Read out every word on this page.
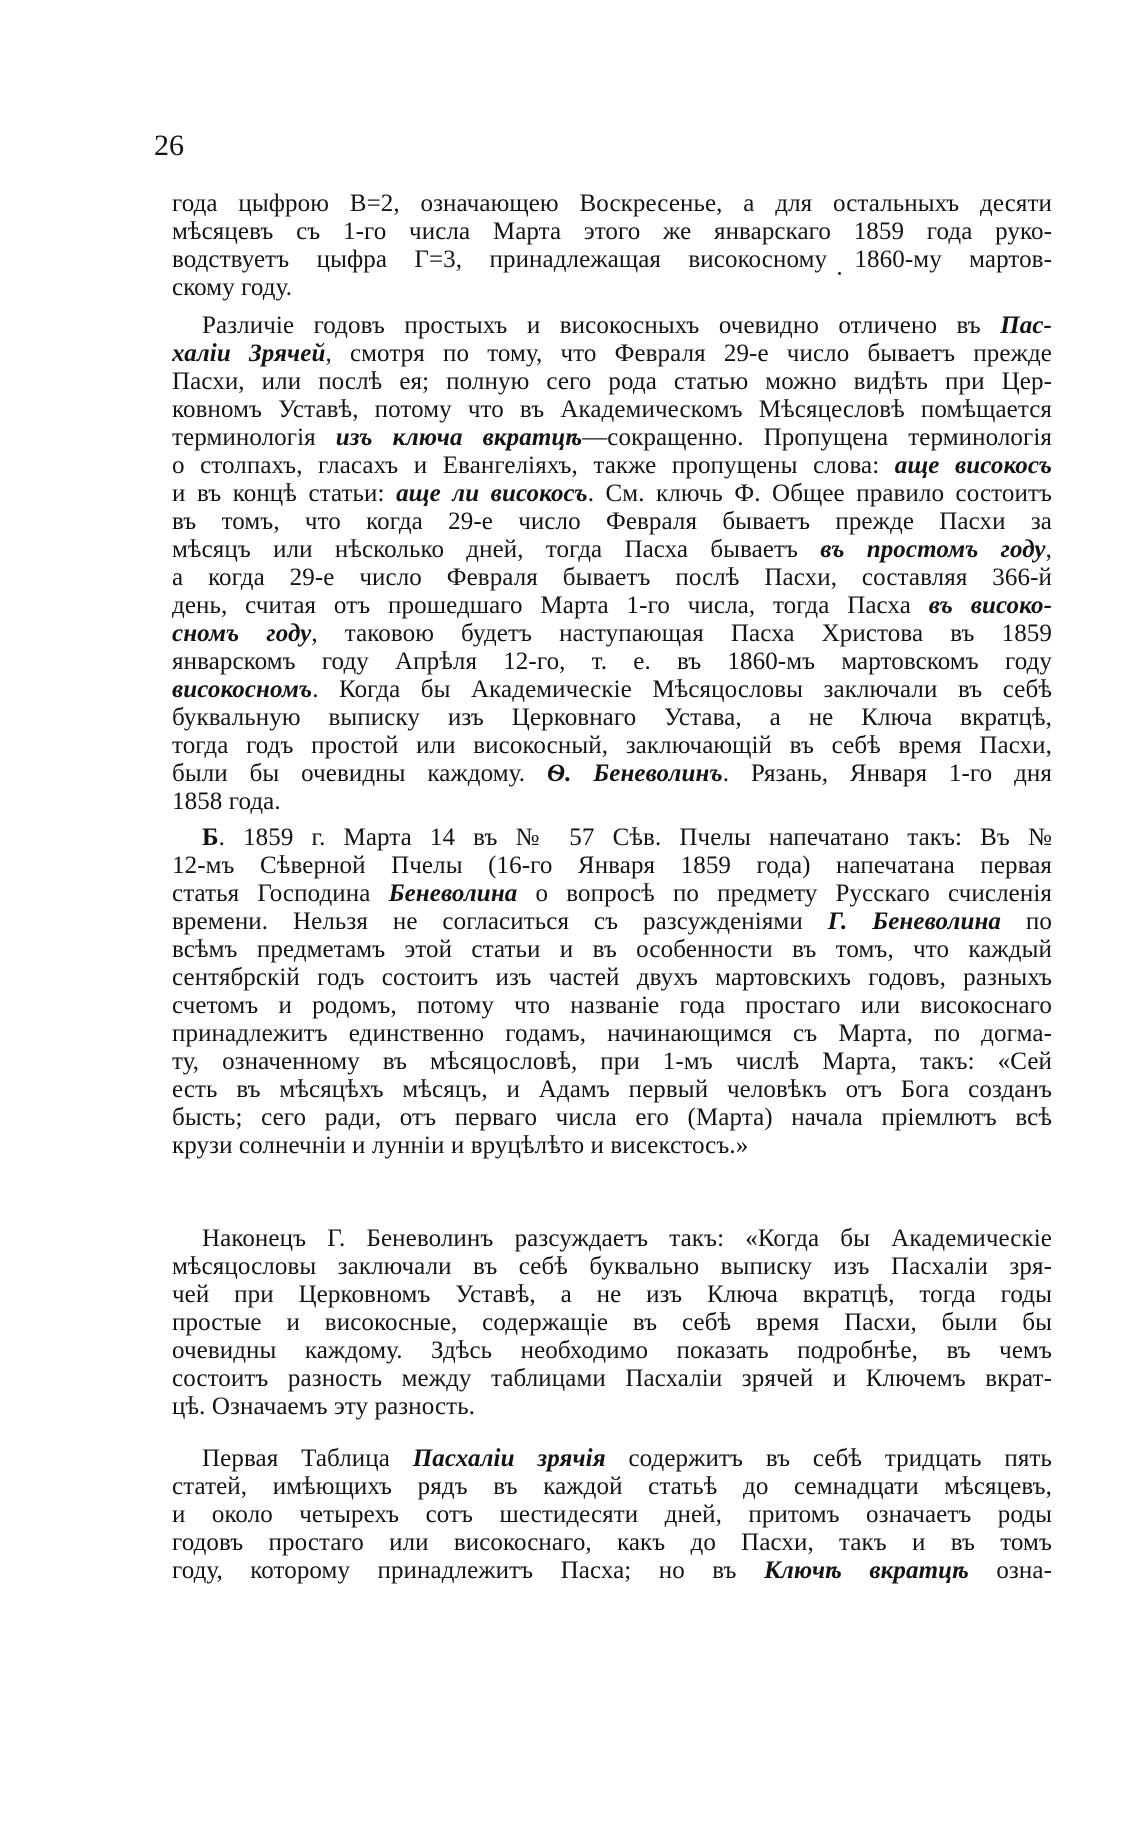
26
года цыфрою В=2, означающею Воскресенье, а для остальныхъ десяти
мѣсяцевъ съ 1-го числа Марта этого же январскаго 1859 года руко-
водствуетъ цыфра Г=3, принадлежащая високосному 1860-му мартов-
скому году.
Различіе годовъ простыхъ и високосныхъ очевидно отличено въ Пас-
халіи Зрячей, смотря по тому, что Февраля 29-е число бываетъ прежде
Пасхи, или послѣ ея; полную сего рода статью можно видѣть при Цер-
ковномъ Уставѣ, потому что въ Академическомъ Мѣсяцесловѣ помѣщается
терминологія изъ ключа вкратцѣ—сокращенно. Пропущена терминологія
о столпахъ, гласахъ и Евангеліяхъ, также пропущены слова: аще високосъ
и въ концѣ статьи: аще ли високосъ. См. ключь Ф. Общее правило состоитъ
въ томъ, что когда 29-е число Февраля бываетъ прежде Пасхи за
мѣсяцъ или нѣсколько дней, тогда Пасха бываетъ въ простомъ году,
а когда 29-е число Февраля бываетъ послѣ Пасхи, составляя 366-й
день, считая отъ прошедшаго Марта 1-го числа, тогда Пасха въ високо-
сномъ году, таковою будетъ наступающая Пасха Христова въ 1859
январскомъ году Апрѣля 12-го, т. е. въ 1860-мъ мартовскомъ году
високосномъ. Когда бы Академическіе Мѣсяцословы заключали въ себѣ
буквальную выписку изъ Церковнаго Устава, а не Ключа вкратцѣ,
тогда годъ простой или високосный, заключающій въ себѣ время Пасхи,
были бы очевидны каждому. Ѳ. Беневолинъ. Рязань, Января 1-го дня
1858 года.
Б. 1859 г. Марта 14 въ № 57 Сѣв. Пчелы напечатано такъ: Въ №
12-мъ Сѣверной Пчелы (16-го Января 1859 года) напечатана первая
статья Господина Беневолина о вопросѣ по предмету Русскаго счисленія
времени. Нельзя не согласиться съ разсужденіями Г. Беневолина по
всѣмъ предметамъ этой статьи и въ особенности въ томъ, что каждый
сентябрскій годъ состоитъ изъ частей двухъ мартовскихъ годовъ, разныхъ
счетомъ и родомъ, потому что названіе года простаго или високоснаго
принадлежитъ единственно годамъ, начинающимся съ Марта, по догма-
ту, означенному въ мѣсяцословѣ, при 1-мъ числѣ Марта, такъ: «Сей
есть въ мѣсяцѣхъ мѣсяцъ, и Адамъ первый человѣкъ отъ Бога созданъ
бысть; сего ради, отъ перваго числа его (Марта) начала пріемлютъ всѣ
крузи солнечніи и лунніи и вруцѣлѣто и висекстосъ.»
Наконецъ Г. Беневолинъ разсуждаетъ такъ: «Когда бы Академическіе
мѣсяцословы заключали въ себѣ буквально выписку изъ Пасхаліи зря-
чей при Церковномъ Уставѣ, а не изъ Ключа вкратцѣ, тогда годы
простые и високосные, содержащіе въ себѣ время Пасхи, были бы
очевидны каждому. Здѣсь необходимо показать подробнѣе, въ чемъ
состоитъ разность между таблицами Пасхаліи зрячей и Ключемъ вкрат-
цѣ. Означаемъ эту разность.
Первая Таблица Пасхаліи зрячія содержитъ въ себѣ тридцать пять
статей, имѣющихъ рядъ въ каждой статьѣ до семнадцати мѣсяцевъ,
и около четырехъ сотъ шестидесяти дней, притомъ означаетъ роды
годовъ простаго или високоснаго, какъ до Пасхи, такъ и въ томъ
году, которому принадлежитъ Пасха; но въ Ключѣ вкратцѣ озна-
